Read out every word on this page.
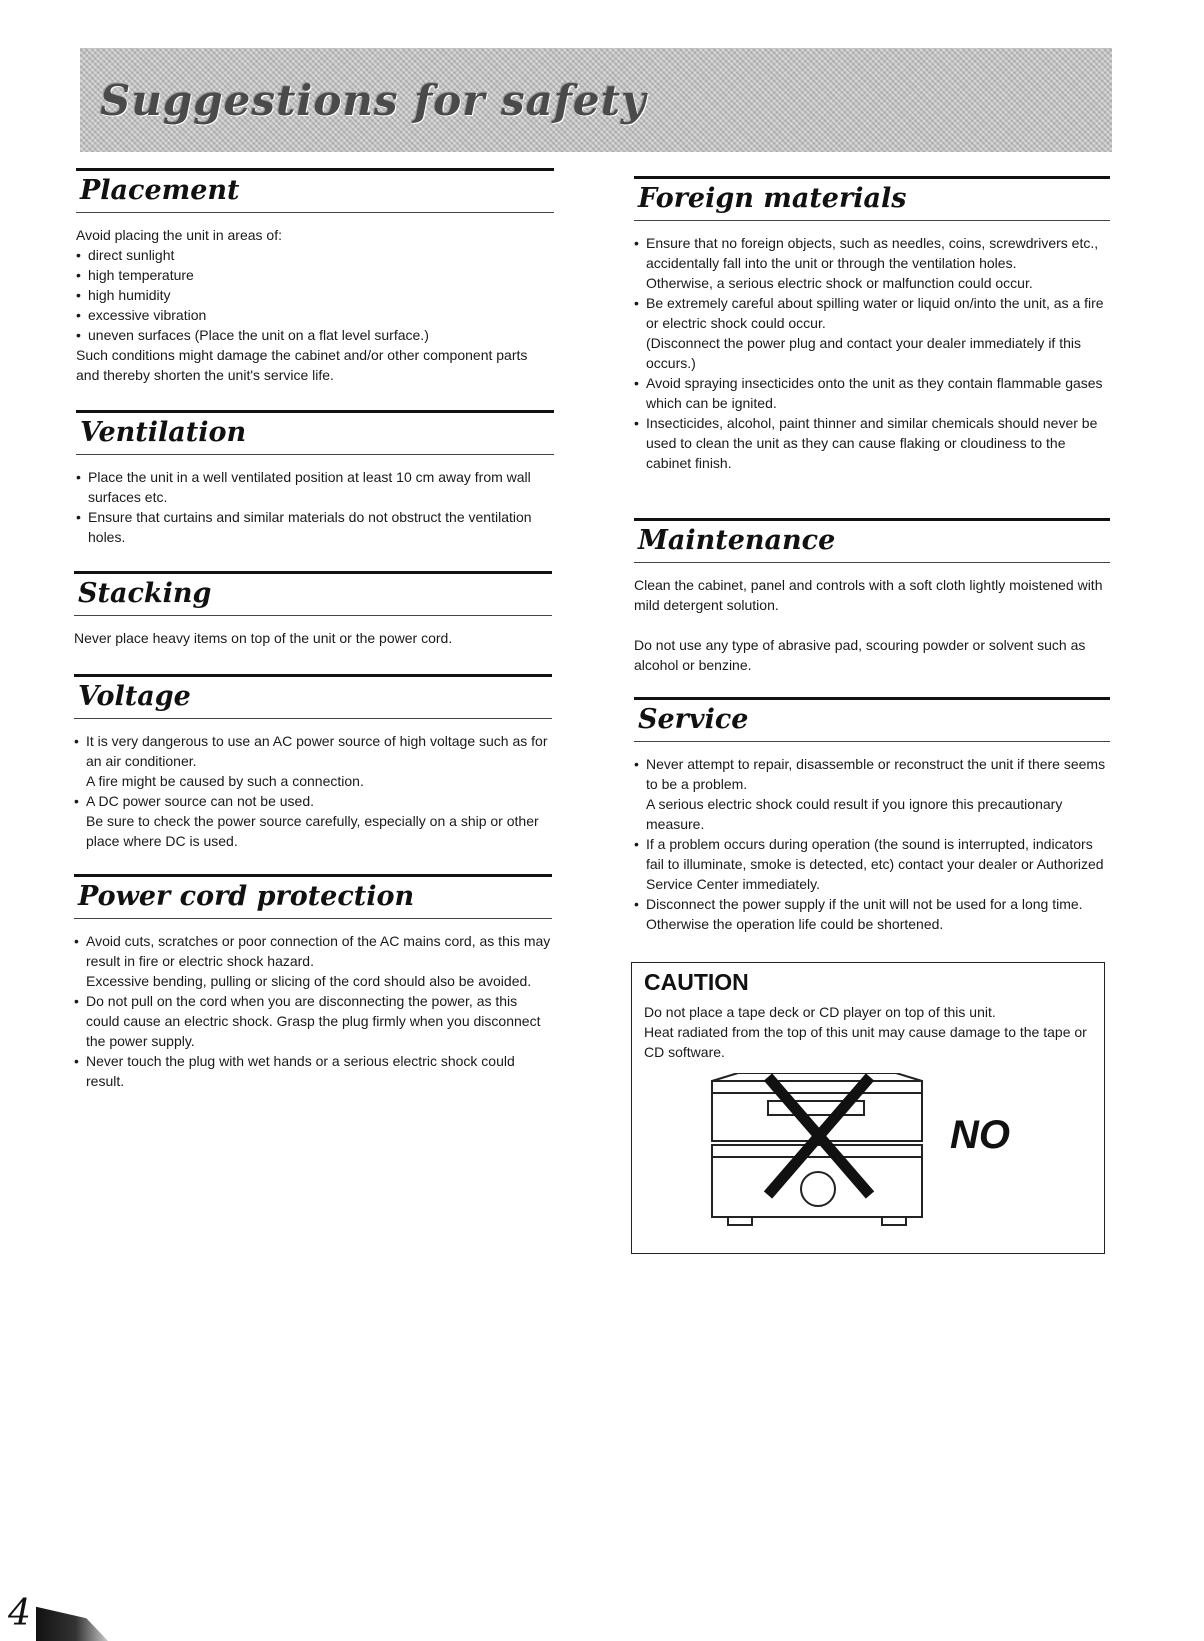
Suggestions for safety
Placement

Avoid placing the unit in areas of:

• direct sunlight
• high temperature
• high humidity
• excessive vibration
• uneven surfaces (Place the unit on a flat level surface.)

Such conditions might damage the cabinet and/or other component parts and thereby shorten the unit's service life.

Ventilation
• Place the unit in a well ventilated position at least 10 cm away from wall surfaces etc.
• Ensure that curtains and similar materials do not obstruct the ventilation holes.
Stacking

Never place heavy items on top of the unit or the power cord.

Voltage
• It is very dangerous to use an AC power source of high voltage such as for an air conditioner.
A fire might be caused by such a connection.
• A DC power source can not be used.
Be sure to check the power source carefully, especially on a ship or other place where DC is used.
Power cord protection
• Avoid cuts, scratches or poor connection of the AC mains cord, as this may result in fire or electric shock hazard.
Excessive bending, pulling or slicing of the cord should also be avoided.
• Do not pull on the cord when you are disconnecting the power, as this could cause an electric shock. Grasp the plug firmly when you disconnect the power supply.
• Never touch the plug with wet hands or a serious electric shock could result.
Foreign materials
• Ensure that no foreign objects, such as needles, coins, screwdrivers etc., accidentally fall into the unit or through the ventilation holes.
Otherwise, a serious electric shock or malfunction could occur.
• Be extremely careful about spilling water or liquid on/into the unit, as a fire or electric shock could occur.
(Disconnect the power plug and contact your dealer immediately if this occurs.)
• Avoid spraying insecticides onto the unit as they contain flammable gases which can be ignited.
• Insecticides, alcohol, paint thinner and similar chemicals should never be used to clean the unit as they can cause flaking or cloudiness to the cabinet finish.
Maintenance

Clean the cabinet, panel and controls with a soft cloth lightly moistened with mild detergent solution.

Do not use any type of abrasive pad, scouring powder or solvent such as alcohol or benzine.

Service
• Never attempt to repair, disassemble or reconstruct the unit if there seems to be a problem.
A serious electric shock could result if you ignore this precautionary measure.
• If a problem occurs during operation (the sound is interrupted, indicators fail to illuminate, smoke is detected, etc) contact your dealer or Authorized Service Center immediately.
• Disconnect the power supply if the unit will not be used for a long time. Otherwise the operation life could be shortened.
CAUTION

Do not place a tape deck or CD player on top of this unit.

Heat radiated from the top of this unit may cause damage to the tape or CD software.

NO
4
